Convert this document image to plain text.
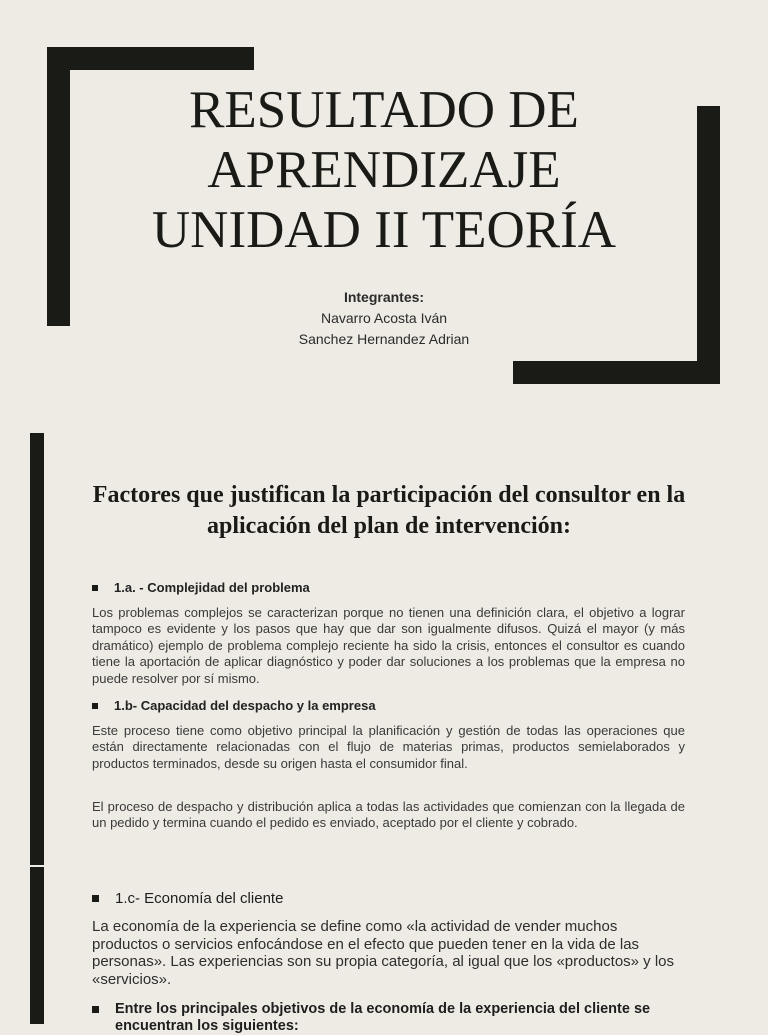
RESULTADO DE
APRENDIZAJE
UNIDAD II TEORÍA
Integrantes:
Navarro Acosta Iván
Sanchez Hernandez Adrian
Factores que justifican la participación del consultor en la aplicación del plan de intervención:
1.a. - Complejidad del problema

Los problemas complejos se caracterizan porque no tienen una definición clara, el objetivo a lograr tampoco es evidente y los pasos que hay que dar son igualmente difusos. Quizá el mayor (y más dramático) ejemplo de problema complejo reciente ha sido la crisis, entonces el consultor es cuando tiene la aportación de aplicar diagnóstico y poder dar soluciones a los problemas que la empresa no puede resolver por sí mismo.

1.b- Capacidad del despacho y la empresa

Este proceso tiene como objetivo principal la planificación y gestión de todas las operaciones que están directamente relacionadas con el flujo de materias primas, productos semielaborados y productos terminados, desde su origen hasta el consumidor final.

El proceso de despacho y distribución aplica a todas las actividades que comienzan con la llegada de un pedido y termina cuando el pedido es enviado, aceptado por el cliente y cobrado.

1.c- Economía del cliente

La economía de la experiencia se define como «la actividad de vender muchos productos o servicios enfocándose en el efecto que pueden tener en la vida de las personas». Las experiencias son su propia categoría, al igual que los «productos» y los «servicios».

Entre los principales objetivos de la economía de la experiencia del cliente se encuentran los siguientes:
